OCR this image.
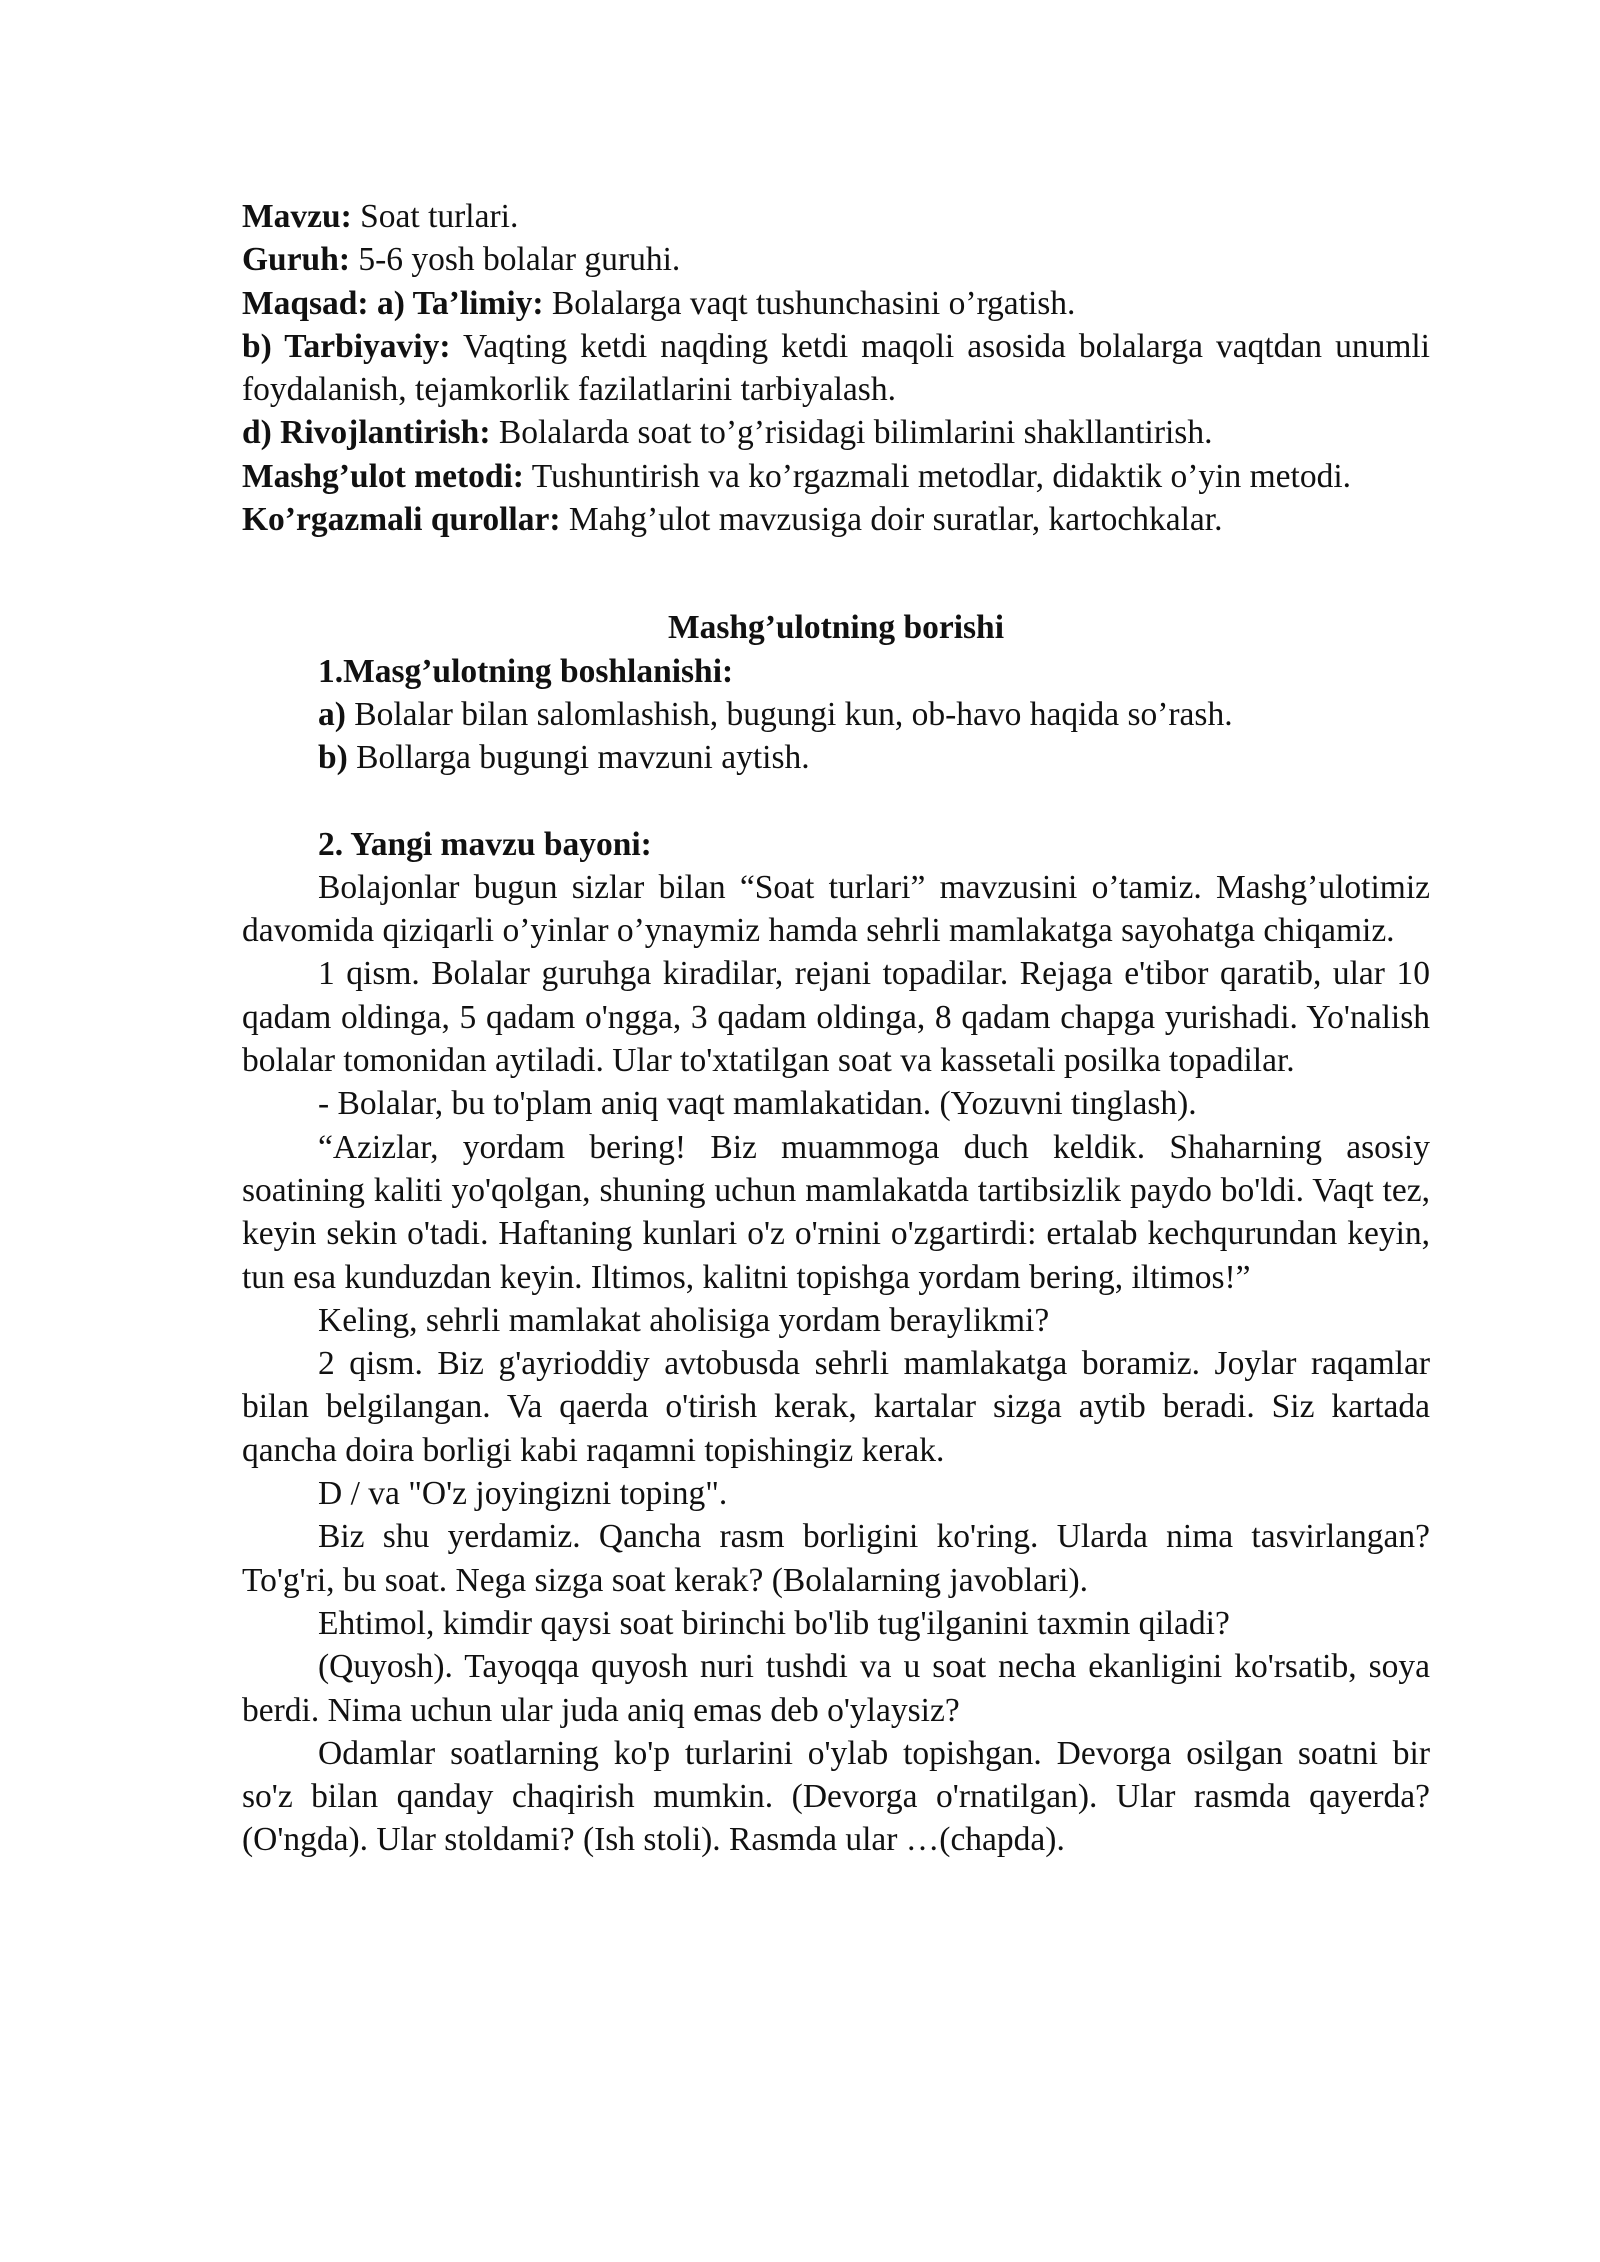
Mavzu: Soat turlari.

Guruh: 5-6 yosh bolalar guruhi.

Maqsad: a) Ta’limiy: Bolalarga vaqt tushunchasini o’rgatish.

b) Tarbiyaviy: Vaqting ketdi naqding ketdi maqoli asosida bolalarga vaqtdan unumli foydalanish, tejamkorlik fazilatlarini tarbiyalash.

d) Rivojlantirish: Bolalarda soat to’g’risidagi bilimlarini shakllantirish.

Mashg’ulot metodi: Tushuntirish va ko’rgazmali metodlar, didaktik o’yin metodi.

Ko’rgazmali qurollar: Mahg’ulot mavzusiga doir suratlar, kartochkalar.

Mashg’ulotning borishi

1.Masg’ulotning boshlanishi:

a) Bolalar bilan salomlashish, bugungi kun, ob-havo haqida so’rash.

b) Bollarga bugungi mavzuni aytish.

2. Yangi mavzu bayoni:

Bolajonlar bugun sizlar bilan “Soat turlari” mavzusini o’tamiz. Mashg’ulotimiz davomida qiziqarli o’yinlar o’ynaymiz hamda sehrli mamlakatga sayohatga chiqamiz.

1 qism. Bolalar guruhga kiradilar, rejani topadilar. Rejaga e'tibor qaratib, ular 10 qadam oldinga, 5 qadam o'ngga, 3 qadam oldinga, 8 qadam chapga yurishadi. Yo'nalish bolalar tomonidan aytiladi. Ular to'xtatilgan soat va kassetali posilka topadilar.

- Bolalar, bu to'plam aniq vaqt mamlakatidan. (Yozuvni tinglash).

“Azizlar, yordam bering! Biz muammoga duch keldik. Shaharning asosiy soatining kaliti yo'qolgan, shuning uchun mamlakatda tartibsizlik paydo bo'ldi. Vaqt tez, keyin sekin o'tadi. Haftaning kunlari o'z o'rnini o'zgartirdi: ertalab kechqurundan keyin, tun esa kunduzdan keyin. Iltimos, kalitni topishga yordam bering, iltimos!”

Keling, sehrli mamlakat aholisiga yordam beraylikmi?

2 qism. Biz g'ayrioddiy avtobusda sehrli mamlakatga boramiz. Joylar raqamlar bilan belgilangan. Va qaerda o'tirish kerak, kartalar sizga aytib beradi. Siz kartada qancha doira borligi kabi raqamni topishingiz kerak.

D / va "O'z joyingizni toping".

Biz shu yerdamiz. Qancha rasm borligini ko'ring. Ularda nima tasvirlangan? To'g'ri, bu soat. Nega sizga soat kerak? (Bolalarning javoblari).

Ehtimol, kimdir qaysi soat birinchi bo'lib tug'ilganini taxmin qiladi?

(Quyosh). Tayoqqa quyosh nuri tushdi va u soat necha ekanligini ko'rsatib, soya berdi. Nima uchun ular juda aniq emas deb o'ylaysiz?

Odamlar soatlarning ko'p turlarini o'ylab topishgan. Devorga osilgan soatni bir so'z bilan qanday chaqirish mumkin. (Devorga o'rnatilgan). Ular rasmda qayerda? (O'ngda). Ular stoldami? (Ish stoli). Rasmda ular …(chapda).
